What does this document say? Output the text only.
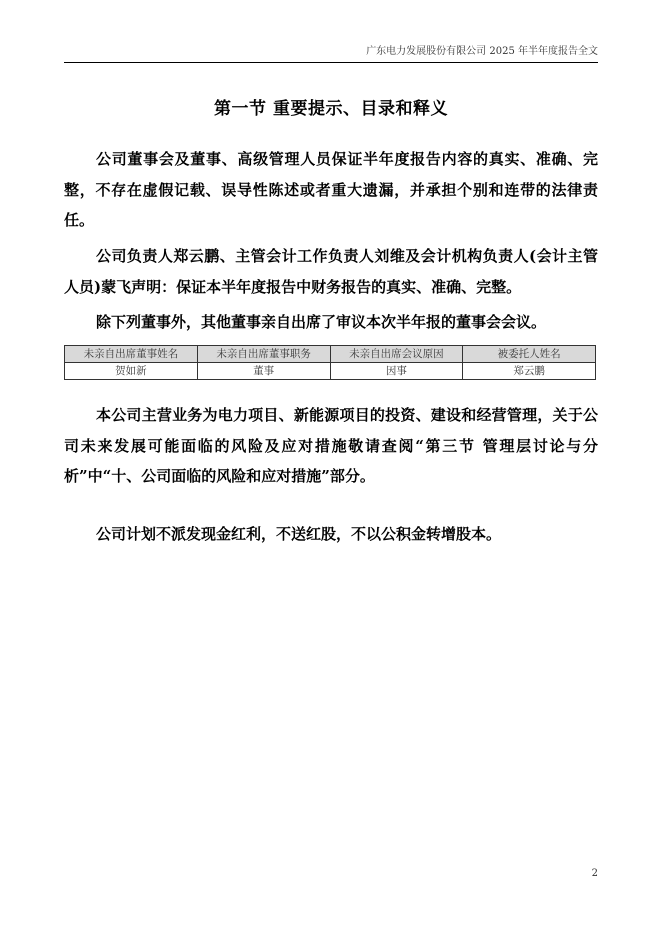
广东电力发展股份有限公司 2025 年半年度报告全文
第一节 重要提示、目录和释义

公司董事会及董事、高级管理人员保证半年度报告内容的真实、准确、完整，不存在虚假记载、误导性陈述或者重大遗漏，并承担个别和连带的法律责任。

公司负责人郑云鹏、主管会计工作负责人刘维及会计机构负责人(会计主管人员)蒙飞声明：保证本半年度报告中财务报告的真实、准确、完整。

除下列董事外，其他董事亲自出席了审议本次半年报的董事会会议。

未亲自出席董事姓名	未亲自出席董事职务	未亲自出席会议原因	被委托人姓名
贺如新	董事	因事	郑云鹏

本公司主营业务为电力项目、新能源项目的投资、建设和经营管理，关于公司未来发展可能面临的风险及应对措施敬请查阅“第三节 管理层讨论与分析”中“十、公司面临的风险和应对措施”部分。

公司计划不派发现金红利，不送红股，不以公积金转增股本。

2
